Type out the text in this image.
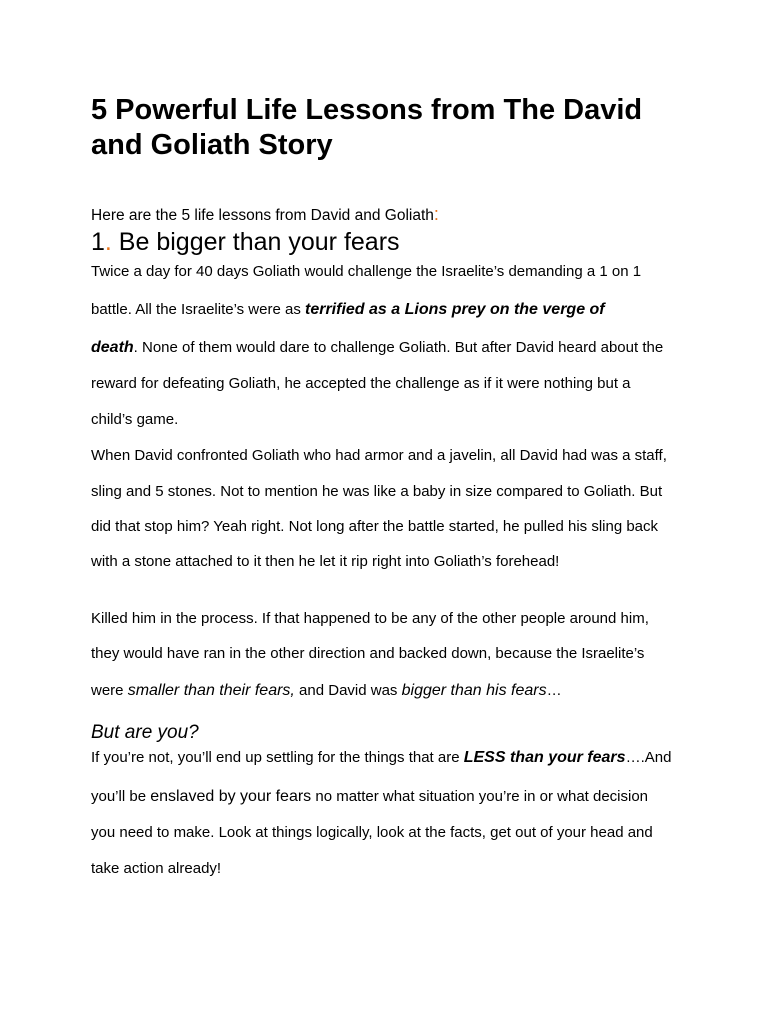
5 Powerful Life Lessons from The David
and Goliath Story
Here are the 5 life lessons from David and Goliath:
1. Be bigger than your fears
Twice a day for 40 days Goliath would challenge the Israelite’s demanding a 1 on 1
battle. All the Israelite’s were as terrified as a Lions prey on the verge of
death. None of them would dare to challenge Goliath. But after David heard about the
reward for defeating Goliath, he accepted the challenge as if it were nothing but a
child’s game.
When David confronted Goliath who had armor and a javelin, all David had was a staff,
sling and 5 stones. Not to mention he was like a baby in size compared to Goliath. But
did that stop him? Yeah right. Not long after the battle started, he pulled his sling back
with a stone attached to it then he let it rip right into Goliath’s forehead!
Killed him in the process. If that happened to be any of the other people around him,
they would have ran in the other direction and backed down, because the Israelite’s
were smaller than their fears, and David was bigger than his fears…
But are you?
If you’re not, you’ll end up settling for the things that are LESS than your fears….And
you’ll be enslaved by your fears no matter what situation you’re in or what decision
you need to make. Look at things logically, look at the facts, get out of your head and
take action already!
